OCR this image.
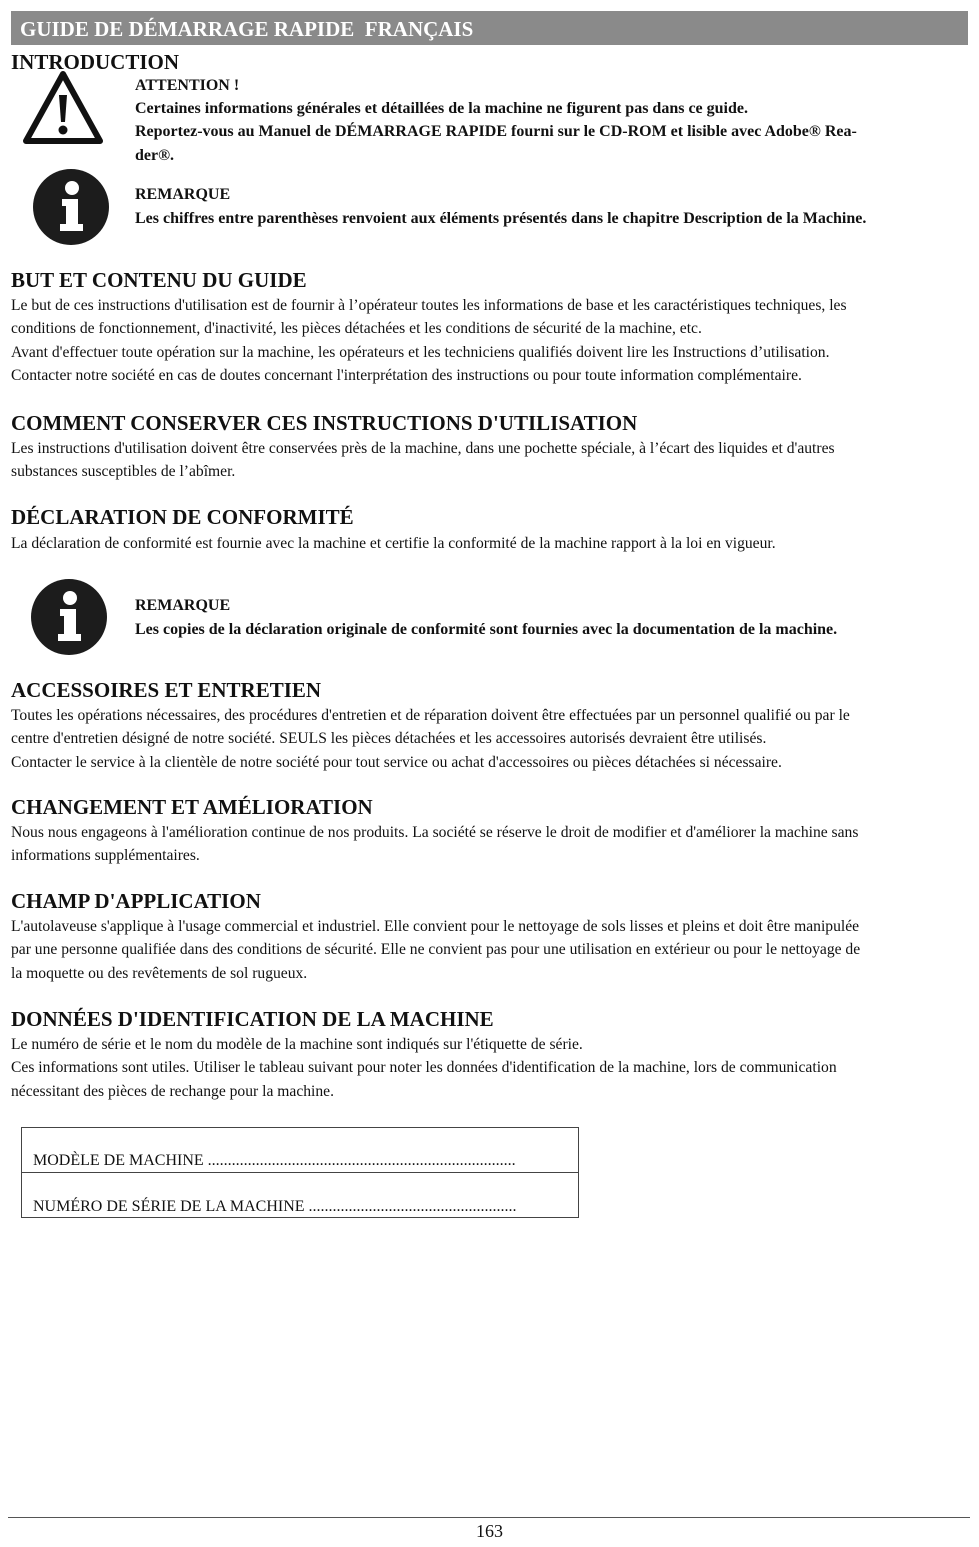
GUIDE DE DÉMARRAGE RAPIDE FRANÇAIS
INTRODUCTION
ATTENTION !
Certaines informations générales et détaillées de la machine ne figurent pas dans ce guide.
Reportez-vous au Manuel de DÉMARRAGE RAPIDE fourni sur le CD-ROM et lisible avec Adobe® Rea-
der®.
REMARQUE
Les chiffres entre parenthèses renvoient aux éléments présentés dans le chapitre Description de la Machine.
BUT ET CONTENU DU GUIDE
Le but de ces instructions d'utilisation est de fournir à l’opérateur toutes les informations de base et les caractéristiques techniques, les
conditions de fonctionnement, d'inactivité, les pièces détachées et les conditions de sécurité de la machine, etc.
Avant d'effectuer toute opération sur la machine, les opérateurs et les techniciens qualifiés doivent lire les Instructions d’utilisation.
Contacter notre société en cas de doutes concernant l'interprétation des instructions ou pour toute information complémentaire.
COMMENT CONSERVER CES INSTRUCTIONS D'UTILISATION
Les instructions d'utilisation doivent être conservées près de la machine, dans une pochette spéciale, à l’écart des liquides et d'autres
substances susceptibles de l’abîmer.
DÉCLARATION DE CONFORMITÉ
La déclaration de conformité est fournie avec la machine et certifie la conformité de la machine rapport à la loi en vigueur.
REMARQUE
Les copies de la déclaration originale de conformité sont fournies avec la documentation de la machine.
ACCESSOIRES ET ENTRETIEN
Toutes les opérations nécessaires, des procédures d'entretien et de réparation doivent être effectuées par un personnel qualifié ou par le
centre d'entretien désigné de notre société. SEULS les pièces détachées et les accessoires autorisés devraient être utilisés.
Contacter le service à la clientèle de notre société pour tout service ou achat d'accessoires ou pièces détachées si nécessaire.
CHANGEMENT ET AMÉLIORATION
Nous nous engageons à l'amélioration continue de nos produits. La société se réserve le droit de modifier et d'améliorer la machine sans
informations supplémentaires.
CHAMP D'APPLICATION
L'autolaveuse s'applique à l'usage commercial et industriel. Elle convient pour le nettoyage de sols lisses et pleins et doit être manipulée
par une personne qualifiée dans des conditions de sécurité. Elle ne convient pas pour une utilisation en extérieur ou pour le nettoyage de
la moquette ou des revêtements de sol rugueux.
DONNÉES D'IDENTIFICATION DE LA MACHINE
Le numéro de série et le nom du modèle de la machine sont indiqués sur l'étiquette de série.
Ces informations sont utiles. Utiliser le tableau suivant pour noter les données d'identification de la machine, lors de communication
nécessitant des pièces de rechange pour la machine.
MODÈLE DE MACHINE .............................................................................
NUMÉRO DE SÉRIE DE LA MACHINE ....................................................
163
